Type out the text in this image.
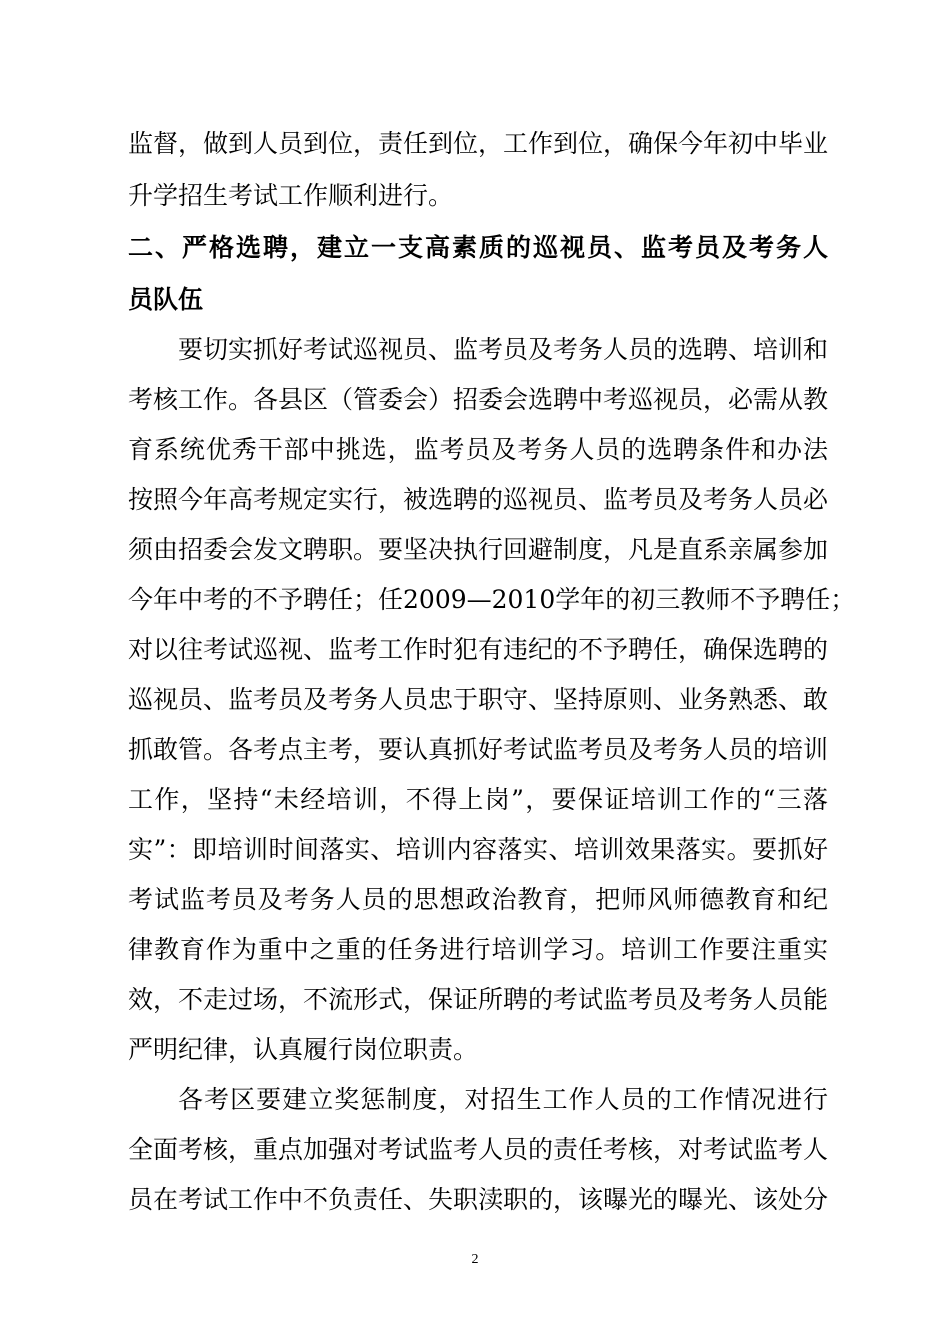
监督，做到人员到位，责任到位，工作到位，确保今年初中毕业
升学招生考试工作顺利进行。
二、严格选聘，建立一支高素质的巡视员、监考员及考务人
员队伍
要切实抓好考试巡视员、监考员及考务人员的选聘、培训和
考核工作。各县区（管委会）招委会选聘中考巡视员，必需从教
育系统优秀干部中挑选，监考员及考务人员的选聘条件和办法
按照今年高考规定实行，被选聘的巡视员、监考员及考务人员必
须由招委会发文聘职。要坚决执行回避制度，凡是直系亲属参加
今年中考的不予聘任；任2009—2010学年的初三教师不予聘任；
对以往考试巡视、监考工作时犯有违纪的不予聘任，确保选聘的
巡视员、监考员及考务人员忠于职守、坚持原则、业务熟悉、敢
抓敢管。各考点主考，要认真抓好考试监考员及考务人员的培训
工作，坚持“未经培训，不得上岗”，要保证培训工作的“三落
实”：即培训时间落实、培训内容落实、培训效果落实。要抓好
考试监考员及考务人员的思想政治教育，把师风师德教育和纪
律教育作为重中之重的任务进行培训学习。培训工作要注重实
效，不走过场，不流形式，保证所聘的考试监考员及考务人员能
严明纪律，认真履行岗位职责。
各考区要建立奖惩制度，对招生工作人员的工作情况进行
全面考核，重点加强对考试监考人员的责任考核，对考试监考人
员在考试工作中不负责任、失职渎职的，该曝光的曝光、该处分
2
